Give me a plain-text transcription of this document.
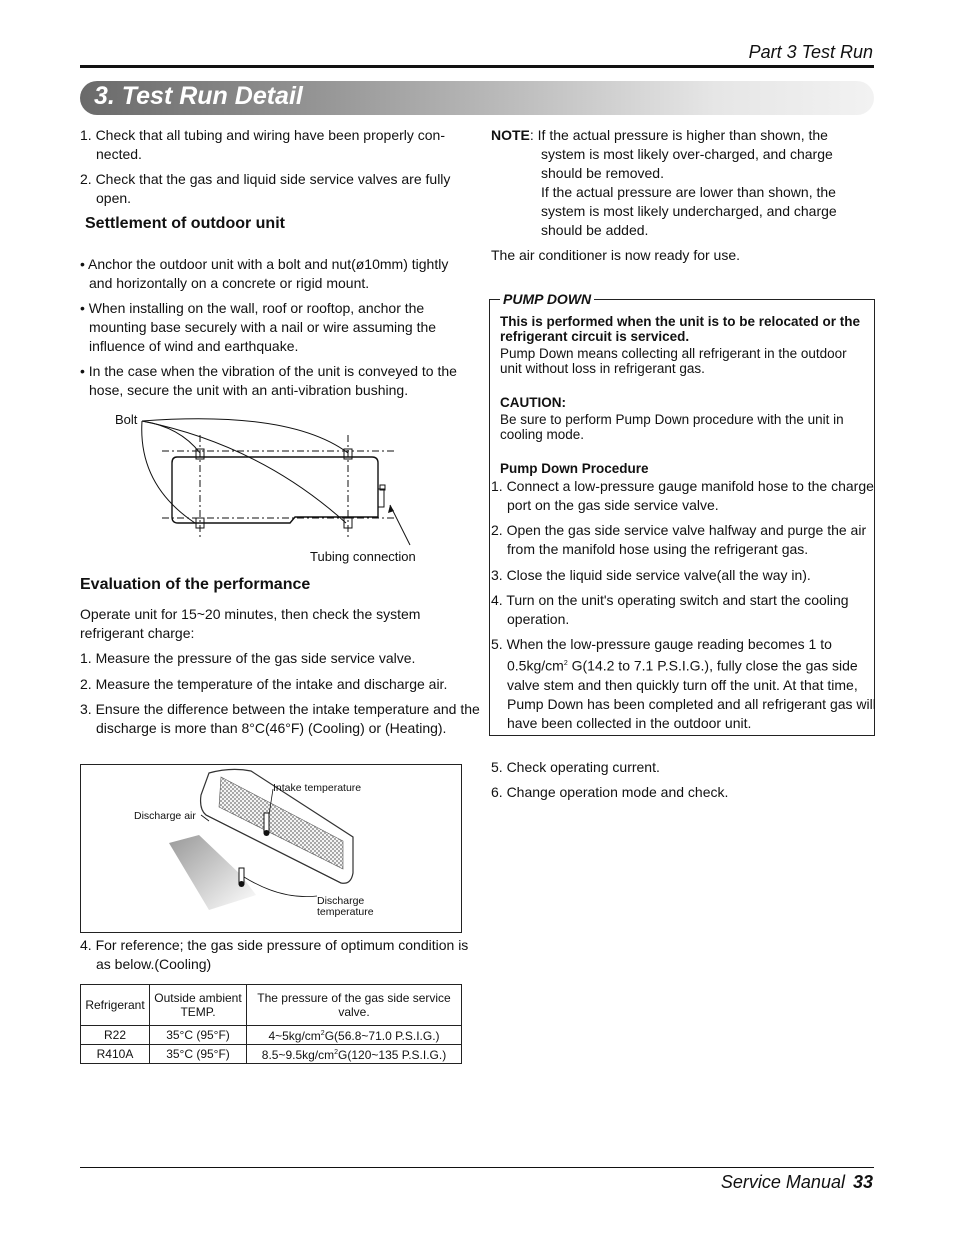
Part 3 Test Run
3. Test Run Detail
1. Check that all tubing and wiring have been properly con- nected.
2. Check that the gas and liquid side service valves are fully open.
Settlement of outdoor unit
• Anchor the outdoor unit with a bolt and nut(ø10mm) tightly and horizontally on a concrete or rigid mount.
• When installing on the wall, roof or rooftop, anchor the mounting base securely with a nail or wire assuming the influence of wind and earthquake.
• In the case when the vibration of the unit is conveyed to the hose, secure the unit with an anti-vibration bushing.
Bolt
Tubing connection
Evaluation of the performance
Operate unit for 15~20 minutes, then check the system refrigerant charge:
1. Measure the pressure of the gas side service valve.
2. Measure the temperature of the intake and discharge air.
3. Ensure the difference between the intake temperature and the discharge is more than 8°C(46°F) (Cooling) or (Heating).
Intake temperature
Discharge air
Discharge
temperature
4. For reference; the gas side pressure of optimum condition is as below.(Cooling)
Refrigerant	Outside ambient TEMP.	The pressure of the gas side service valve.
R22	35°C (95°F)	$4\sim 5kg/cm^2G(56.8\sim 71.0$ P.S.I.G.)
R410A	35°C (95°F)	$8.5\sim 9.5kg/cm^2G(120\sim 135$ P.S.I.G.)
NOTE: If the actual pressure is higher than shown, the
system is most likely over-charged, and charge should be removed.
If the actual pressure are lower than shown, the system is most likely undercharged, and charge should be added.
The air conditioner is now ready for use.
PUMP DOWN
This is performed when the unit is to be relocated or the refrigerant circuit is serviced.
Pump Down means collecting all refrigerant in the outdoor unit without loss in refrigerant gas.
CAUTION:
Be sure to perform Pump Down procedure with the unit in cooling mode.
Pump Down Procedure
1. Connect a low-pressure gauge manifold hose to the charge port on the gas side service valve.
2. Open the gas side service valve halfway and purge the air from the manifold hose using the refrigerant gas.
3. Close the liquid side service valve(all the way in).
4. Turn on the unit's operating switch and start the cooling operation.
5. When the low-pressure gauge reading becomes 1 to $0.5kg/cm^2$ G(14.2 to 7.1 P.S.I.G.), fully close the gas side valve stem and then quickly turn off the unit. At that time, Pump Down has been completed and all refrigerant gas will have been collected in the outdoor unit.
5. Check operating current.
6. Change operation mode and check.
Service Manual 33
